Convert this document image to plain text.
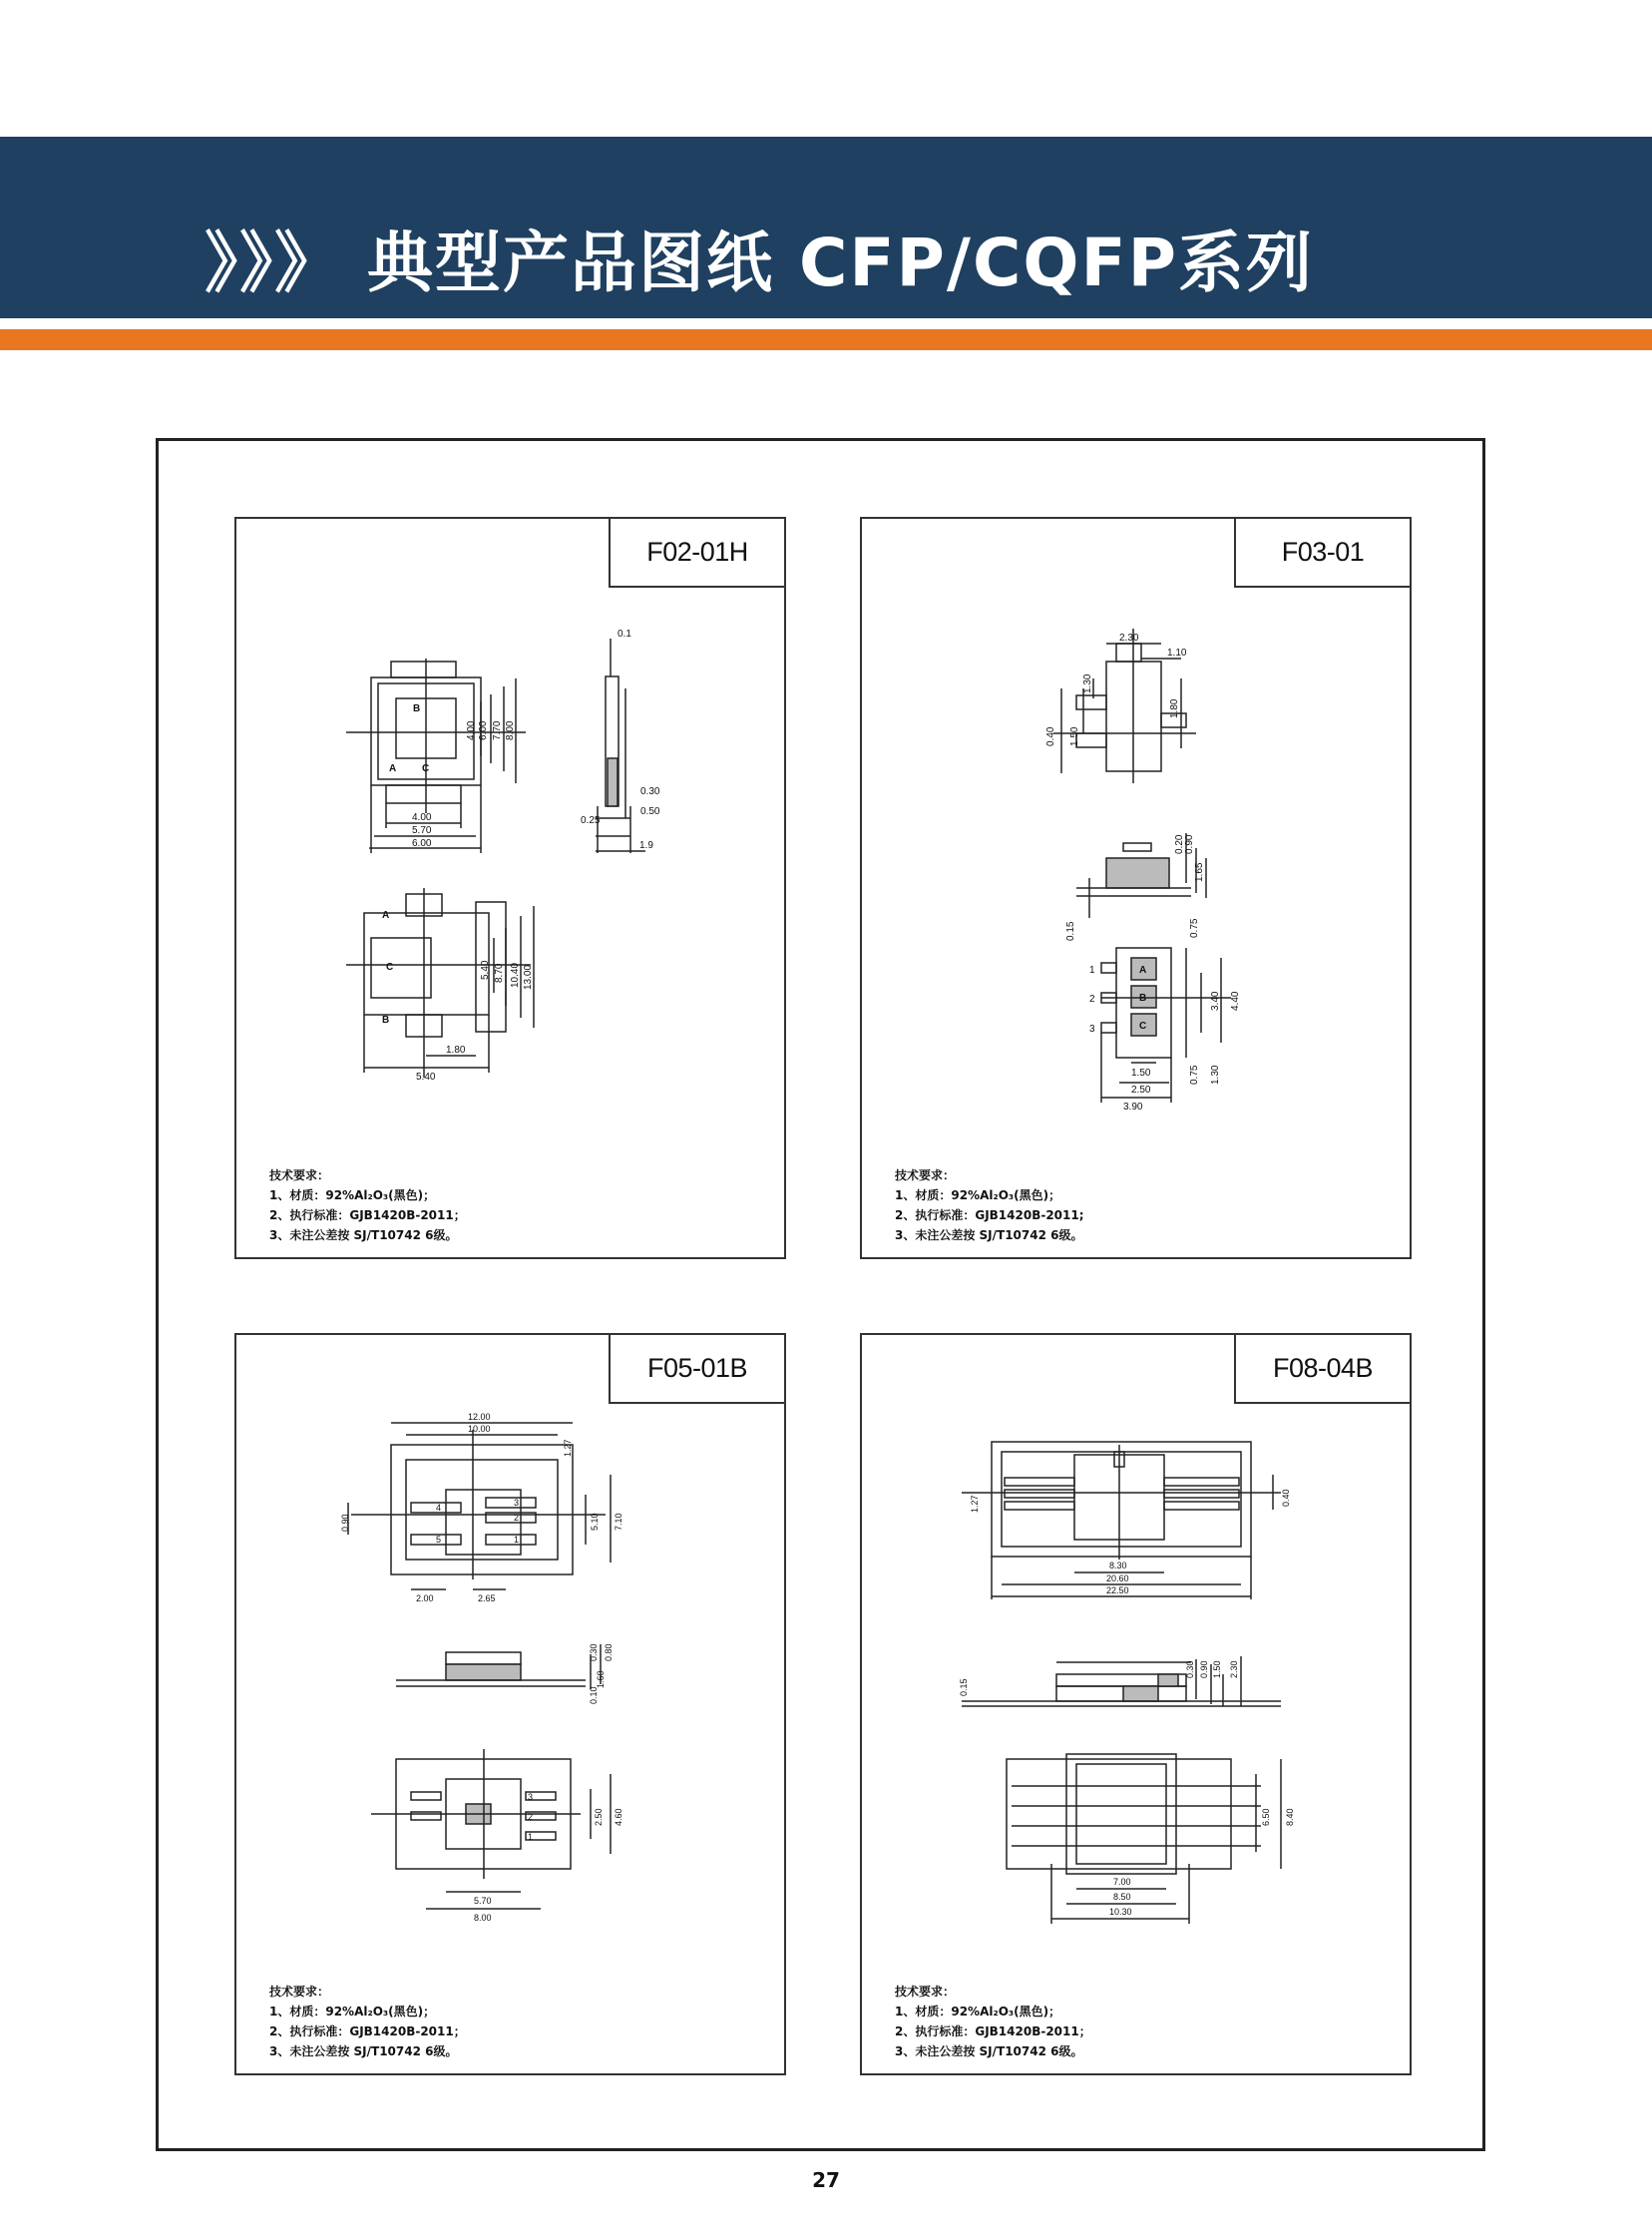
》》》 典型产品图纸 CFP/CQFP系列
F02-01H
0.1
4.00 6.00 7.70 8.00
4.00
5.70
6.00
0.30
0.50
0.25
1.9
5.40 8.70 10.40 13.00
1.80
5.40
A
B
C
A
B
C
技术要求：
1、材质：92%Al₂O₃(黑色)；
2、执行标准：GJB1420B-2011；
3、未注公差按 SJ/T10742 6级。
F03-01
2.30
1.10
1.30
0.40 1.50
1.80
0.20 0.90
1.65
0.15	0.75
3.40 4.40
1.50
2.50
3.90
0.75 1.30
A
B
C
1
2
3
技术要求：
1、材质：92%Al₂O₃(黑色)；
2、执行标准：GJB1420B-2011;
3、未注公差按 SJ/T10742 6级。
F05-01B
12.00
10.00
1.27
0.90	5.10 7.10
2.00	2.65
0.30 0.80
1.60
0.10
2.50 4.60
5.70
8.00
4
5
3
2
1
3
2
1
技术要求：
1、材质：92%Al₂O₃(黑色)；
2、执行标准：GJB1420B-2011；
3、未注公差按 SJ/T10742 6级。
F08-04B
1.27	0.40
8.30
20.60
22.50
0.15
0.30 0.90 1.50 2.30
6.50 8.40
7.00
8.50
10.30
技术要求：
1、材质：92%Al₂O₃(黑色)；
2、执行标准：GJB1420B-2011；
3、未注公差按 SJ/T10742 6级。
27
